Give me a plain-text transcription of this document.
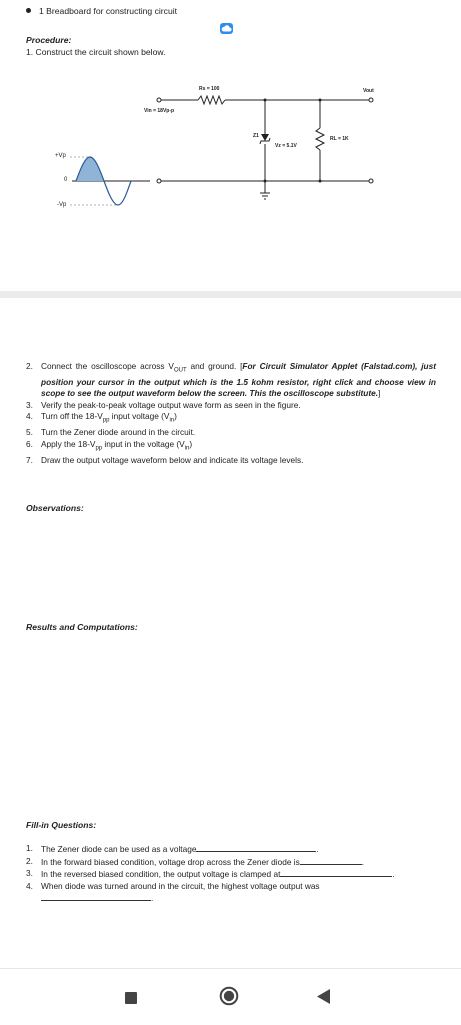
1 Breadboard for constructing circuit
Procedure:
1. Construct the circuit shown below.
Rs = 100
Vin = 18Vp-p
Vout
Z1
Vz = 5.1V
RL = 1K
+Vp
0
-Vp
2. Connect the oscilloscope across $V_{OUT}$ and ground. [For Circuit Simulator Applet (Falstad.com), just position your cursor in the output which is the 1.5 kohm resistor, right click and choose view in scope to see the output waveform below the screen. This the oscilloscope substitute.]
3. Verify the peak-to-peak voltage output wave form as seen in the figure.
4. Turn off the $18-V_{pp}$ input voltage $(V_{in})$
5. Turn the Zener diode around in the circuit.
6. Apply the $18-V_{pp}$ input in the voltage $(V_{in})$
7. Draw the output voltage waveform below and indicate its voltage levels.
Observations:
Results and Computations:
Fill-in Questions:
1. The Zener diode can be used as a voltage	.
2. In the forward biased condition, voltage drop across the Zener diode is	.
3. In the reversed biased condition, the output voltage is clamped at	.
4. When diode was turned around in the circuit, the highest voltage output was
.
